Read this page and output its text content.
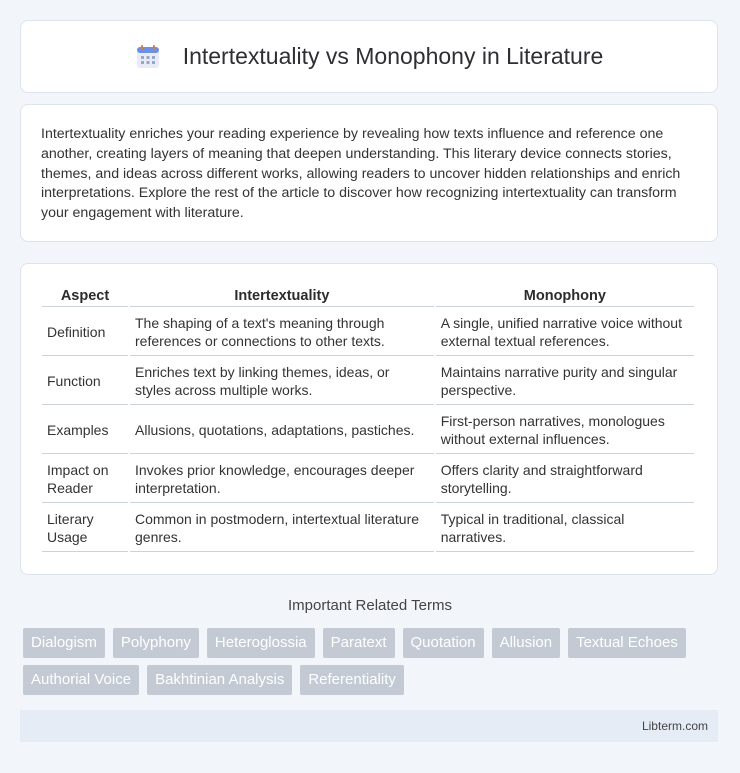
Intertextuality vs Monophony in Literature

Intertextuality enriches your reading experience by revealing how texts influence and reference one another, creating layers of meaning that deepen understanding. This literary device connects stories, themes, and ideas across different works, allowing readers to uncover hidden relationships and enrich interpretations. Explore the rest of the article to discover how recognizing intertextuality can transform your engagement with literature.

Aspect	Intertextuality	Monophony
Definition	The shaping of a text's meaning through references or connections to other texts.	A single, unified narrative voice without external textual references.
Function	Enriches text by linking themes, ideas, or styles across multiple works.	Maintains narrative purity and singular perspective.
Examples	Allusions, quotations, adaptations, pastiches.	First-person narratives, monologues without external influences.
Impact on Reader	Invokes prior knowledge, encourages deeper interpretation.	Offers clarity and straightforward storytelling.
Literary Usage	Common in postmodern, intertextual literature genres.	Typical in traditional, classical narratives.
Important Related Terms
Dialogism	Polyphony	Heteroglossia	Paratext	Quotation	Allusion	Textual Echoes
Authorial Voice	Bakhtinian Analysis	Referentiality
Libterm.com
